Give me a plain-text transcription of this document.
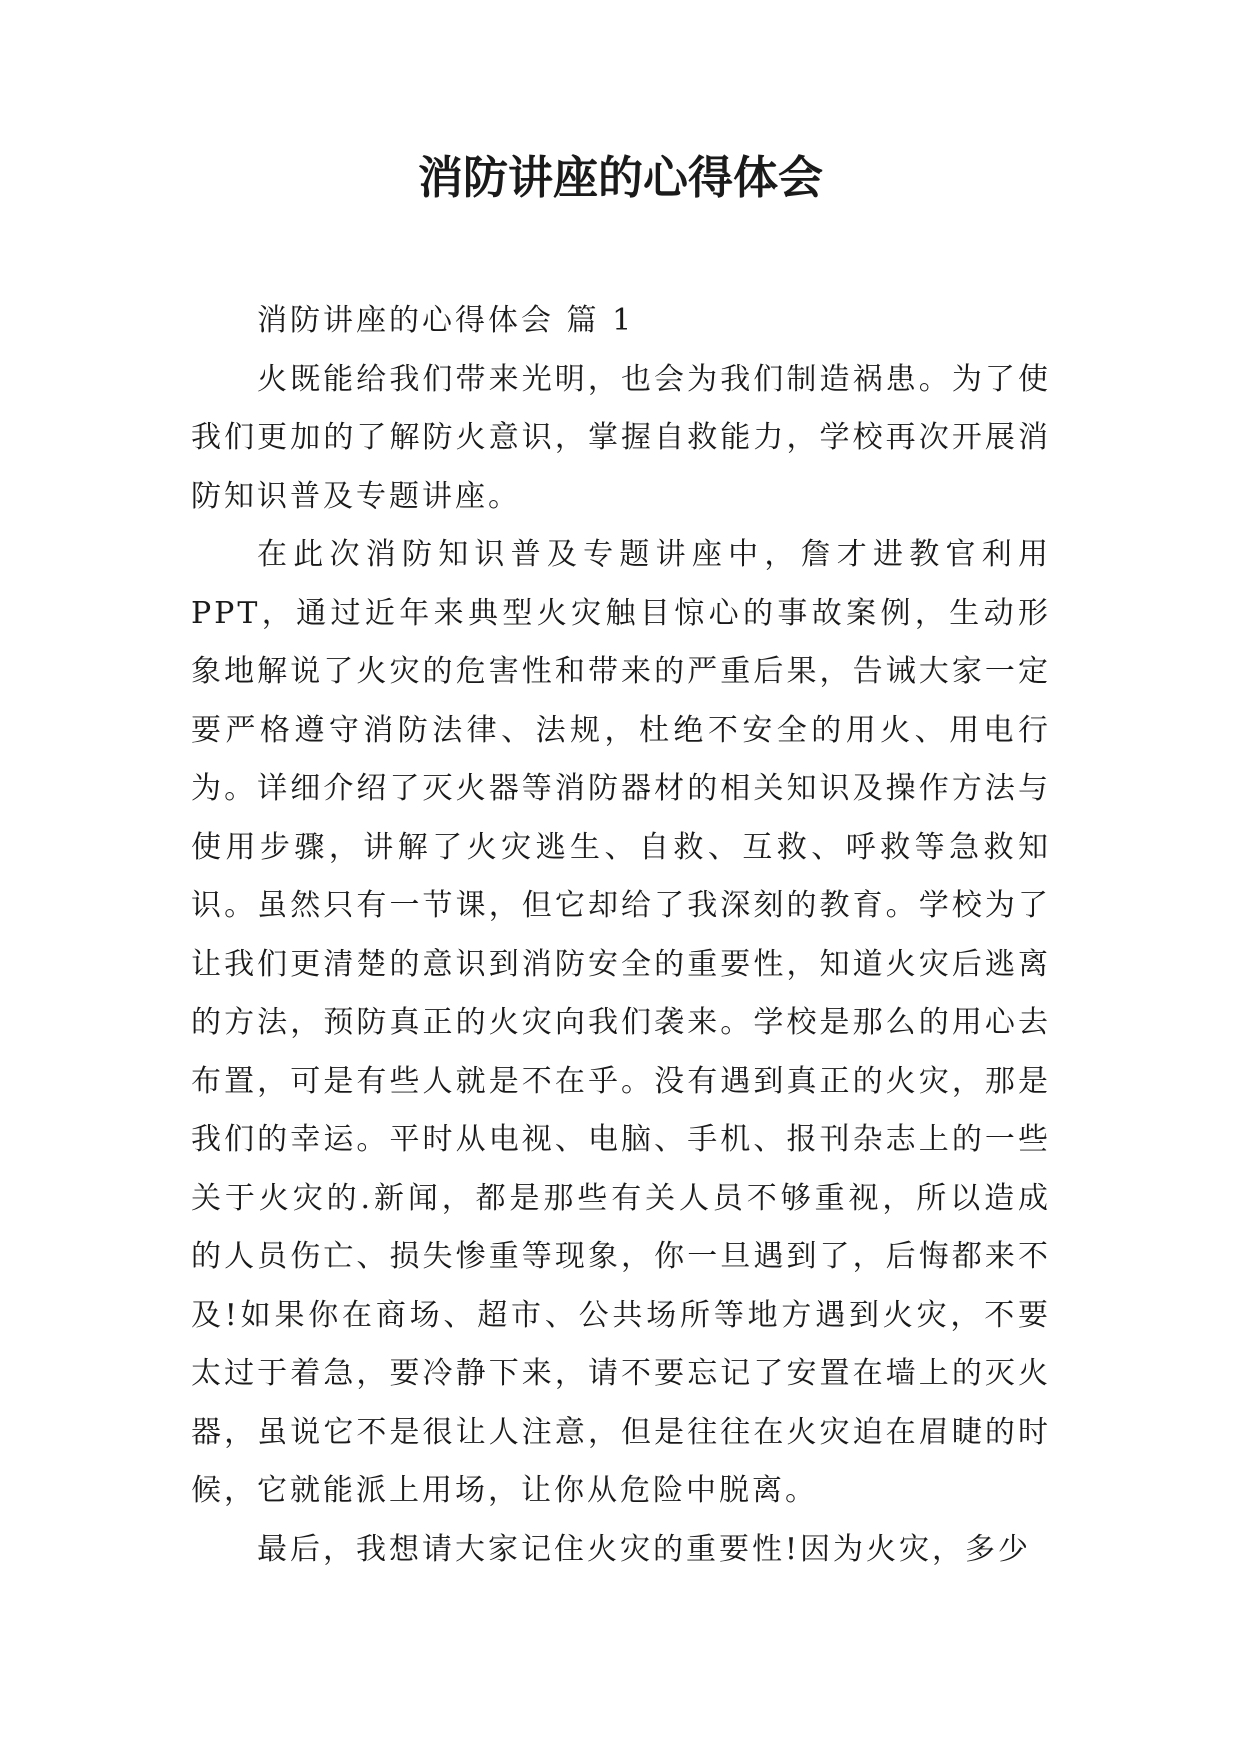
消防讲座的心得体会

消防讲座的心得体会 篇 1

火既能给我们带来光明，也会为我们制造祸患。为了使我们更加的了解防火意识，掌握自救能力，学校再次开展消防知识普及专题讲座。

在此次消防知识普及专题讲座中，詹才进教官利用 PPT，通过近年来典型火灾触目惊心的事故案例，生动形象地解说了火灾的危害性和带来的严重后果，告诫大家一定要严格遵守消防法律、法规，杜绝不安全的用火、用电行为。详细介绍了灭火器等消防器材的相关知识及操作方法与使用步骤，讲解了火灾逃生、自救、互救、呼救等急救知识。虽然只有一节课，但它却给了我深刻的教育。学校为了让我们更清楚的意识到消防安全的重要性，知道火灾后逃离的方法，预防真正的火灾向我们袭来。学校是那么的用心去布置，可是有些人就是不在乎。没有遇到真正的火灾，那是我们的幸运。平时从电视、电脑、手机、报刊杂志上的一些关于火灾的.新闻，都是那些有关人员不够重视，所以造成的人员伤亡、损失惨重等现象，你一旦遇到了，后悔都来不及!如果你在商场、超市、公共场所等地方遇到火灾，不要太过于着急，要冷静下来，请不要忘记了安置在墙上的灭火器，虽说它不是很让人注意，但是往往在火灾迫在眉睫的时候，它就能派上用场，让你从危险中脱离。

最后，我想请大家记住火灾的重要性!因为火灾，多少
